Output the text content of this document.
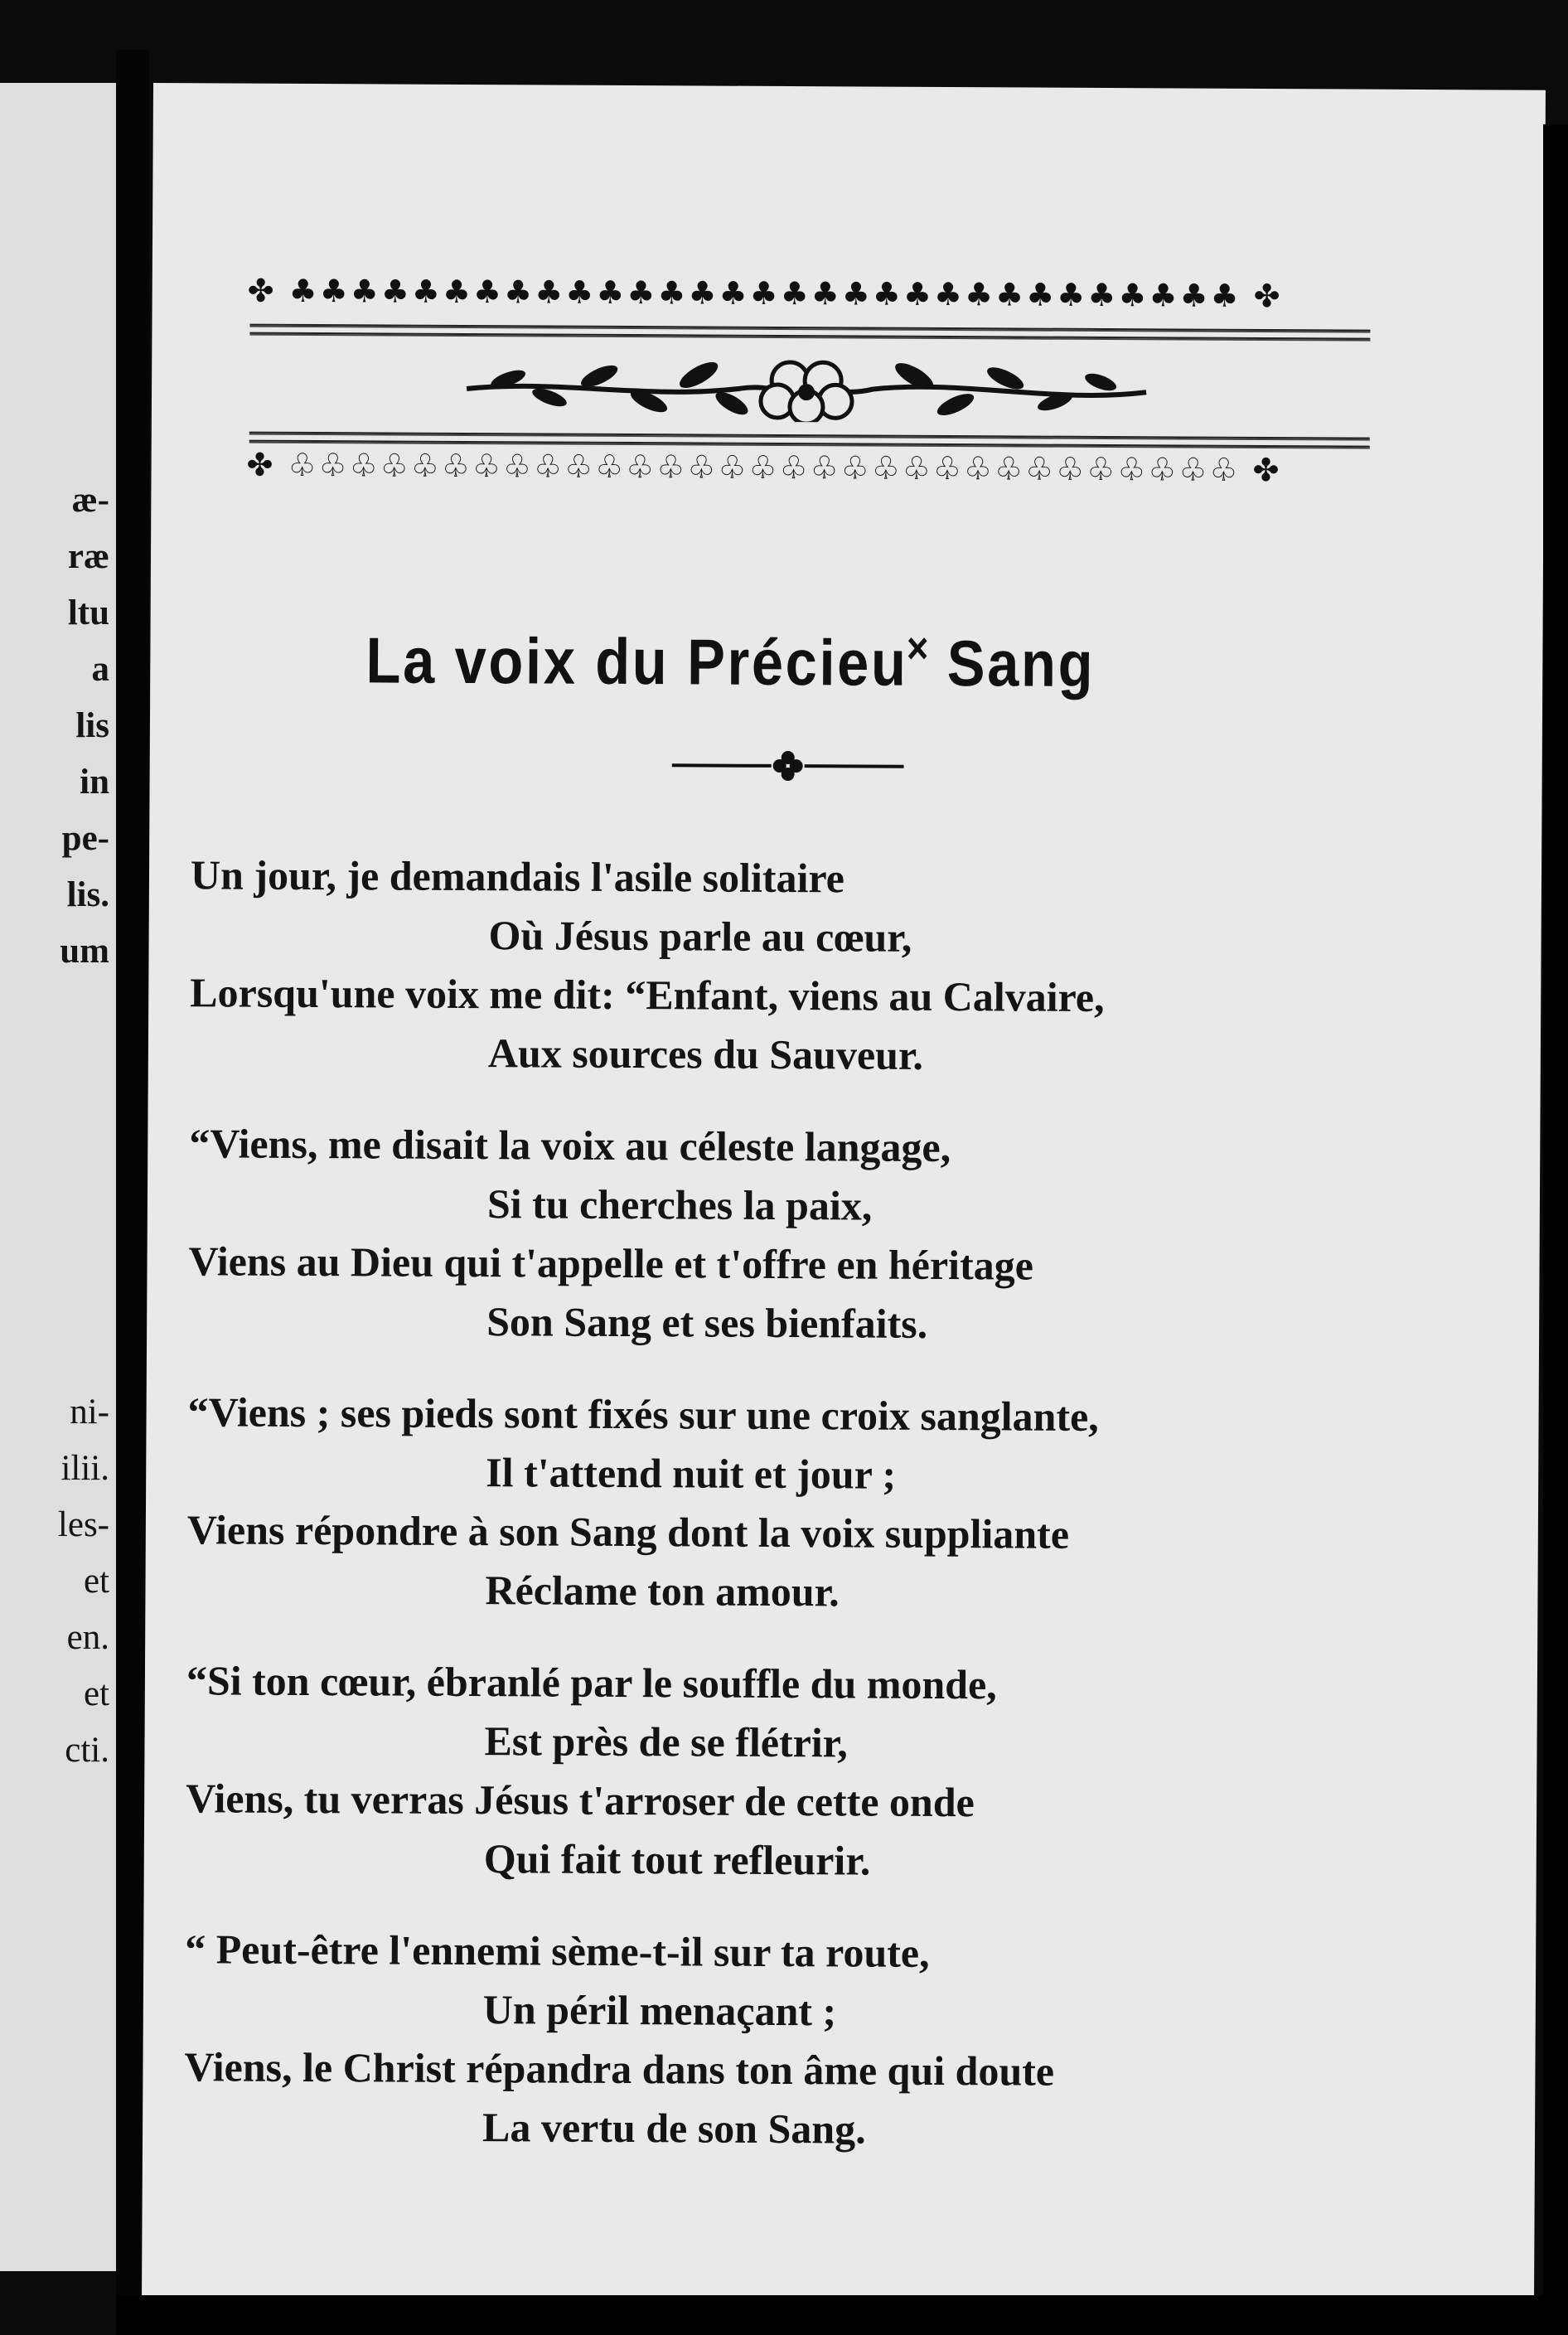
æ-
ræ
ltu
a
lis
in
pe-
lis.
um
ni-
ilii.
les-
et
en.
et
cti.
✤ ♣♣♣♣♣♣♣♣♣♣♣♣♣♣♣♣♣♣♣♣♣♣♣♣♣♣♣♣♣♣♣ ✤
✤ ♧♧♧♧♧♧♧♧♧♧♧♧♧♧♧♧♧♧♧♧♧♧♧♧♧♧♧♧♧♧♧ ✤
La voix du Précieu˟ Sang
Un jour, je demandais l'asile solitaire
Où Jésus parle au cœur,
Lorsqu'une voix me dit: “Enfant, viens au Calvaire,
Aux sources du Sauveur.
“Viens, me disait la voix au céleste langage,
Si tu cherches la paix,
Viens au Dieu qui t'appelle et t'offre en héritage
Son Sang et ses bienfaits.
“Viens ; ses pieds sont fixés sur une croix sanglante,
Il t'attend nuit et jour ;
Viens répondre à son Sang dont la voix suppliante
Réclame ton amour.
“Si ton cœur, ébranlé par le souffle du monde,
Est près de se flétrir,
Viens, tu verras Jésus t'arroser de cette onde
Qui fait tout refleurir.
“ Peut-être l'ennemi sème-t-il sur ta route,
Un péril menaçant ;
Viens, le Christ répandra dans ton âme qui doute
La vertu de son Sang.
